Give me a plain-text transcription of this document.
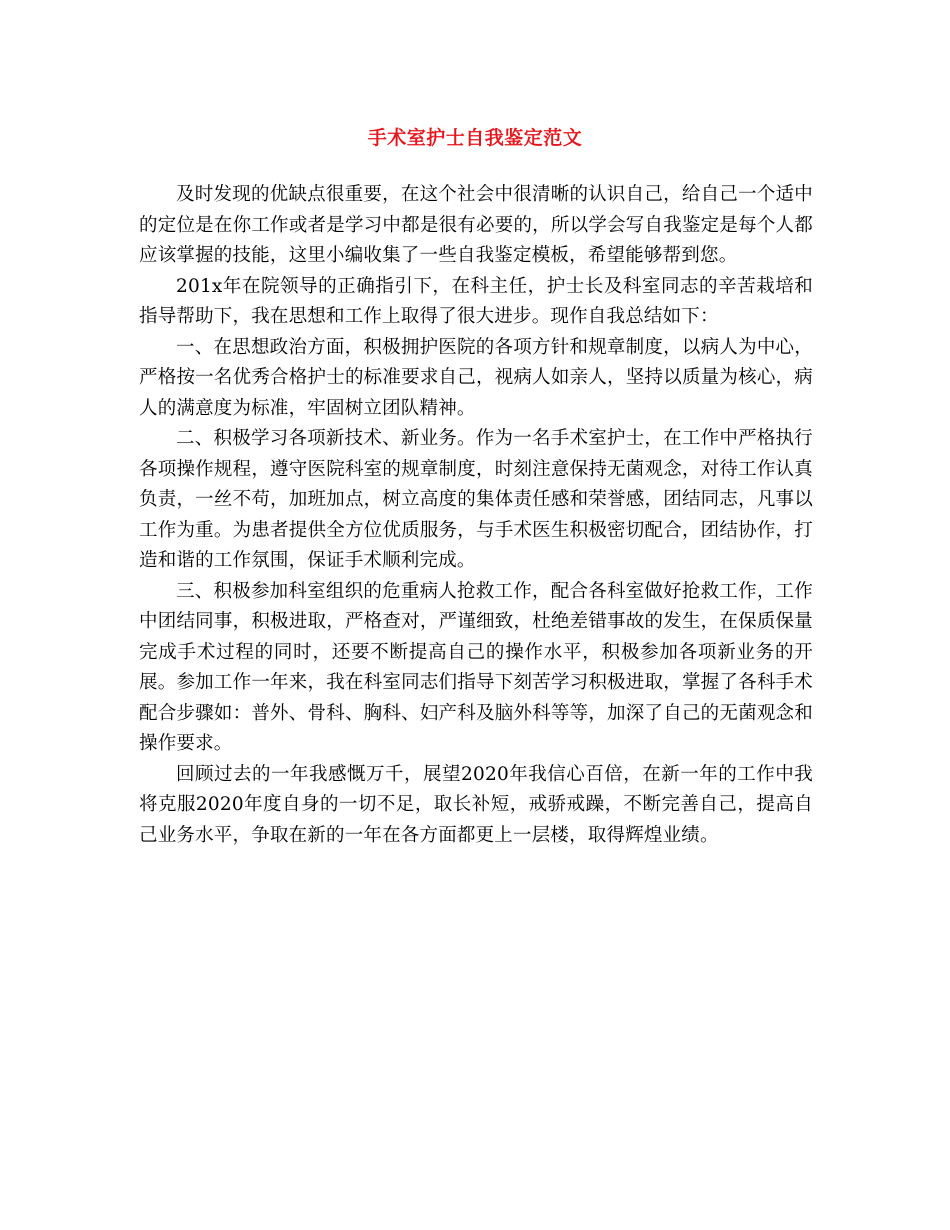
手术室护士自我鉴定范文

及时发现的优缺点很重要，在这个社会中很清晰的认识自己，给自己一个适中的定位是在你工作或者是学习中都是很有必要的，所以学会写自我鉴定是每个人都应该掌握的技能，这里小编收集了一些自我鉴定模板，希望能够帮到您。

201x年在院领导的正确指引下，在科主任，护士长及科室同志的辛苦栽培和指导帮助下，我在思想和工作上取得了很大进步。现作自我总结如下：

一、在思想政治方面，积极拥护医院的各项方针和规章制度，以病人为中心，严格按一名优秀合格护士的标准要求自己，视病人如亲人，坚持以质量为核心，病人的满意度为标准，牢固树立团队精神。

二、积极学习各项新技术、新业务。作为一名手术室护士，在工作中严格执行各项操作规程，遵守医院科室的规章制度，时刻注意保持无菌观念，对待工作认真负责，一丝不苟，加班加点，树立高度的集体责任感和荣誉感，团结同志，凡事以工作为重。为患者提供全方位优质服务，与手术医生积极密切配合，团结协作，打造和谐的工作氛围，保证手术顺利完成。

三、积极参加科室组织的危重病人抢救工作，配合各科室做好抢救工作，工作中团结同事，积极进取，严格查对，严谨细致，杜绝差错事故的发生，在保质保量完成手术过程的同时，还要不断提高自己的操作水平，积极参加各项新业务的开展。参加工作一年来，我在科室同志们指导下刻苦学习积极进取，掌握了各科手术配合步骤如：普外、骨科、胸科、妇产科及脑外科等等，加深了自己的无菌观念和操作要求。

回顾过去的一年我感慨万千，展望2020年我信心百倍，在新一年的工作中我将克服2020年度自身的一切不足，取长补短，戒骄戒躁，不断完善自己，提高自己业务水平，争取在新的一年在各方面都更上一层楼，取得辉煌业绩。
